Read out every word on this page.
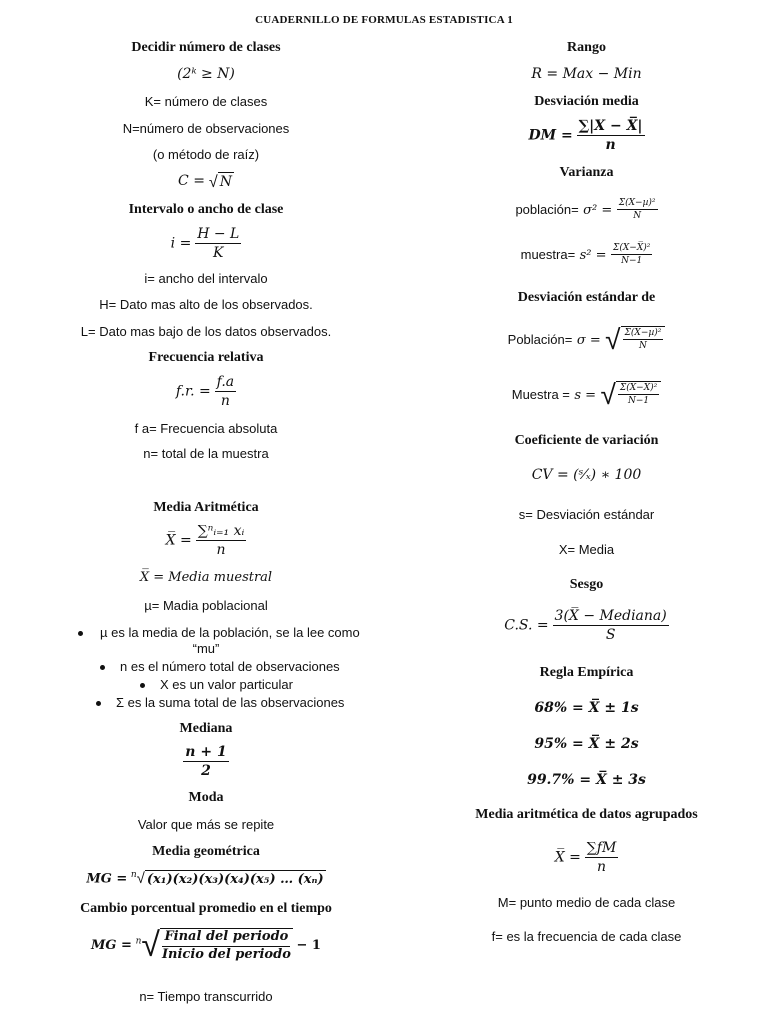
CUADERNILLO DE FORMULAS ESTADISTICA 1
Decidir número de clases
(2ᵏ ≥ N)
K= número de clases
N=número de observaciones
(o método de raíz)
C = √ N
Intervalo o ancho de clase
$i = \frac{H - L}{K}$
i= ancho del intervalo
H= Dato mas alto de los observados.
L= Dato mas bajo de los datos observados.
Frecuencia relativa
f.r. = $\frac{f.a}{n}$
f a= Frecuencia absoluta
n= total de la muestra
Media Aritmética
X̅ = $\frac{\text{∑ⁿᵢ₌₁ xᵢ}}{n}$
X̅ = Media muestral
µ= Madia poblacional
µ es la media de la población, se la lee como
“mu”
n es el número total de observaciones
X es un valor particular
Σ es la suma total de las observaciones
Mediana
$\frac{n + 1}{2}$
Moda
Valor que más se repite
Media geométrica
MG = $^n$ √ (x₁)(x₂)(x₃)(x₄)(x₅) … (xₙ)
Cambio porcentual promedio en el tiempo
MG = $^n$ √ $\frac{\text{Final del periodo}}{\text{Inicio del periodo}} - 1$
n= Tiempo transcurrido
Rango
R = Max − Min
Desviación media
DM = $\frac{\sum|X - X̅|}{n}$
Varianza
población= $\sigma^2 = \frac{\text{Σ(X−µ)²}}{N}$
muestra= $s^2 = \frac{\text{Σ(X−X̅)²}}{N-1}$
Desviación estándar de
Población= σ = √ $\frac{\text{Σ(X−µ)²}}{N}$
Muestra = s = √ $\frac{\text{Σ(X−X̅)²}}{N-1}$
Coeficiente de variación
CV = (ˢ⁄ₓ) ∗ 100
s= Desviación estándar
X= Media
Sesgo
C.S. = $\frac{\text{3(X̅ − Mediana)}}{S}$
Regla Empírica
68% = X̅ ± 1s
95% = X̅ ± 2s
99.7% = X̅ ± 3s
Media aritmética de datos agrupados
X̅ = $\frac{\sum fM}{n}$
M= punto medio de cada clase
f= es la frecuencia de cada clase
